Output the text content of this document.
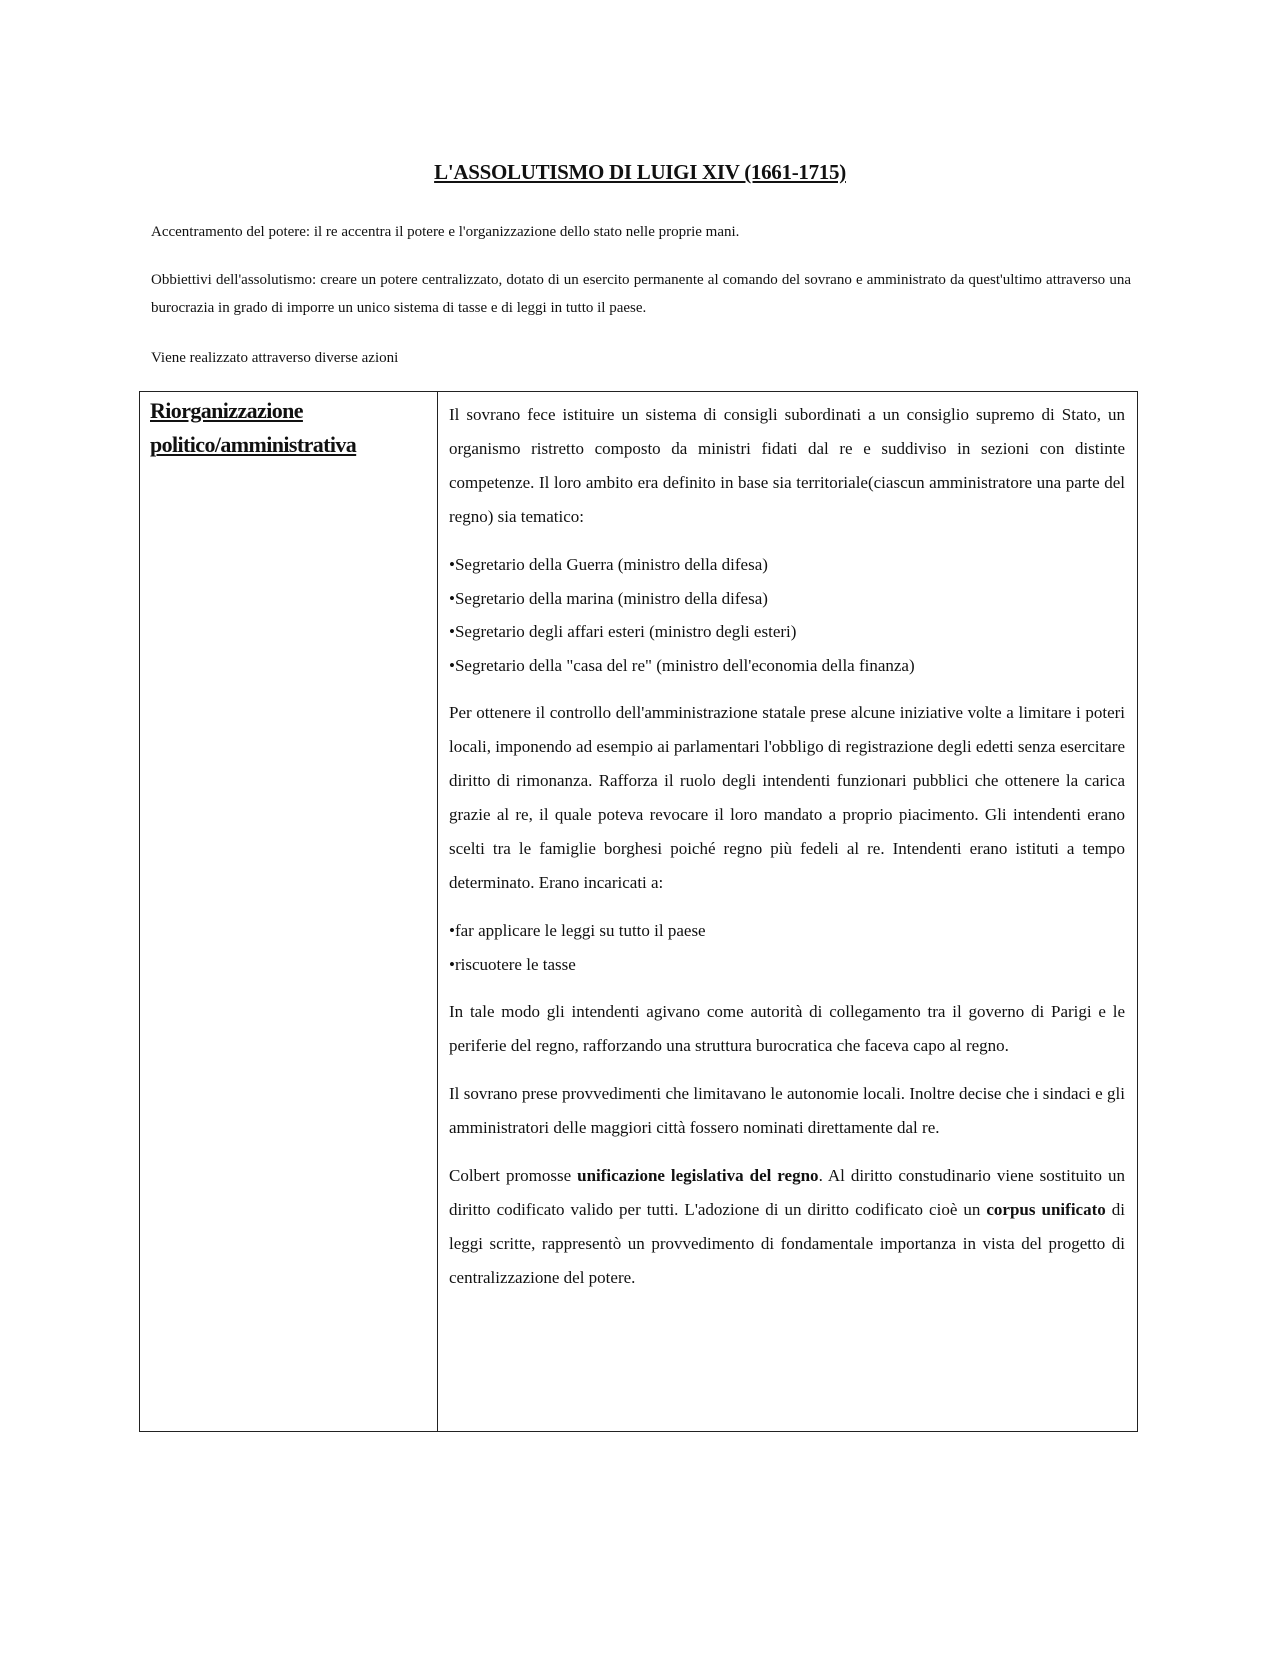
L'ASSOLUTISMO DI LUIGI XIV (1661-1715)
Accentramento del potere: il re accentra il potere e l'organizzazione dello stato nelle proprie mani.
Obbiettivi dell'assolutismo: creare un potere centralizzato, dotato di un esercito permanente al comando del sovrano e amministrato da quest'ultimo attraverso una burocrazia in grado di imporre un unico sistema di tasse e di leggi in tutto il paese.
Viene realizzato attraverso diverse azioni
Riorganizzazione politico/amministrativa

Il sovrano fece istituire un sistema di consigli subordinati a un consiglio supremo di Stato, un organismo ristretto composto da ministri fidati dal re e suddiviso in sezioni con distinte competenze. Il loro ambito era definito in base sia territoriale(ciascun amministratore una parte del regno) sia tematico:

•Segretario della Guerra (ministro della difesa)
•Segretario della marina (ministro della difesa)
•Segretario degli affari esteri (ministro degli esteri)
•Segretario della "casa del re" (ministro dell'economia della finanza)

Per ottenere il controllo dell'amministrazione statale prese alcune iniziative volte a limitare i poteri locali, imponendo ad esempio ai parlamentari l'obbligo di registrazione degli edetti senza esercitare diritto di rimonanza. Rafforza il ruolo degli intendenti funzionari pubblici che ottenere la carica grazie al re, il quale poteva revocare il loro mandato a proprio piacimento. Gli intendenti erano scelti tra le famiglie borghesi poiché regno più fedeli al re. Intendenti erano istituti a tempo determinato. Erano incaricati a:

•far applicare le leggi su tutto il paese
•riscuotere le tasse

In tale modo gli intendenti agivano come autorità di collegamento tra il governo di Parigi e le periferie del regno, rafforzando una struttura burocratica che faceva capo al regno.

Il sovrano prese provvedimenti che limitavano le autonomie locali. Inoltre decise che i sindaci e gli amministratori delle maggiori città fossero nominati direttamente dal re.

Colbert promosse unificazione legislativa del regno. Al diritto constudinario viene sostituito un diritto codificato valido per tutti. L'adozione di un diritto codificato cioè un corpus unificato di leggi scritte, rappresentò un provvedimento di fondamentale importanza in vista del progetto di centralizzazione del potere.
